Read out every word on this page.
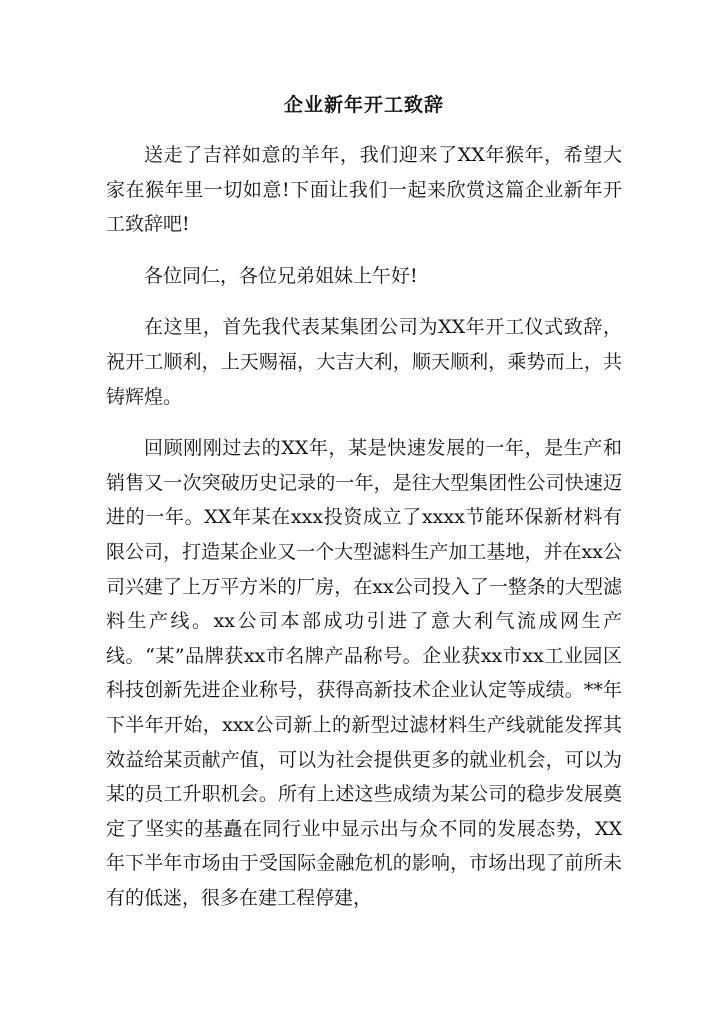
企业新年开工致辞

送走了吉祥如意的羊年，我们迎来了XX年猴年，希望大家在猴年里一切如意!下面让我们一起来欣赏这篇企业新年开工致辞吧!

各位同仁，各位兄弟姐妹上午好!

在这里，首先我代表某集团公司为XX年开工仪式致辞，祝开工顺利，上天赐福，大吉大利，顺天顺利，乘势而上，共铸辉煌。

回顾刚刚过去的XX年，某是快速发展的一年，是生产和销售又一次突破历史记录的一年，是往大型集团性公司快速迈进的一年。XX年某在xxx投资成立了xxxx节能环保新材料有限公司，打造某企业又一个大型滤料生产加工基地，并在xx公司兴建了上万平方米的厂房，在xx公司投入了一整条的大型滤料生产线。xx公司本部成功引进了意大利气流成网生产线。“某”品牌获xx市名牌产品称号。企业获xx市xx工业园区科技创新先进企业称号，获得高新技术企业认定等成绩。**年下半年开始，xxx公司新上的新型过滤材料生产线就能发挥其效益给某贡献产值，可以为社会提供更多的就业机会，可以为某的员工升职机会。所有上述这些成绩为某公司的稳步发展奠定了坚实的基矗在同行业中显示出与众不同的发展态势，XX年下半年市场由于受国际金融危机的影响，市场出现了前所未有的低迷，很多在建工程停建，
